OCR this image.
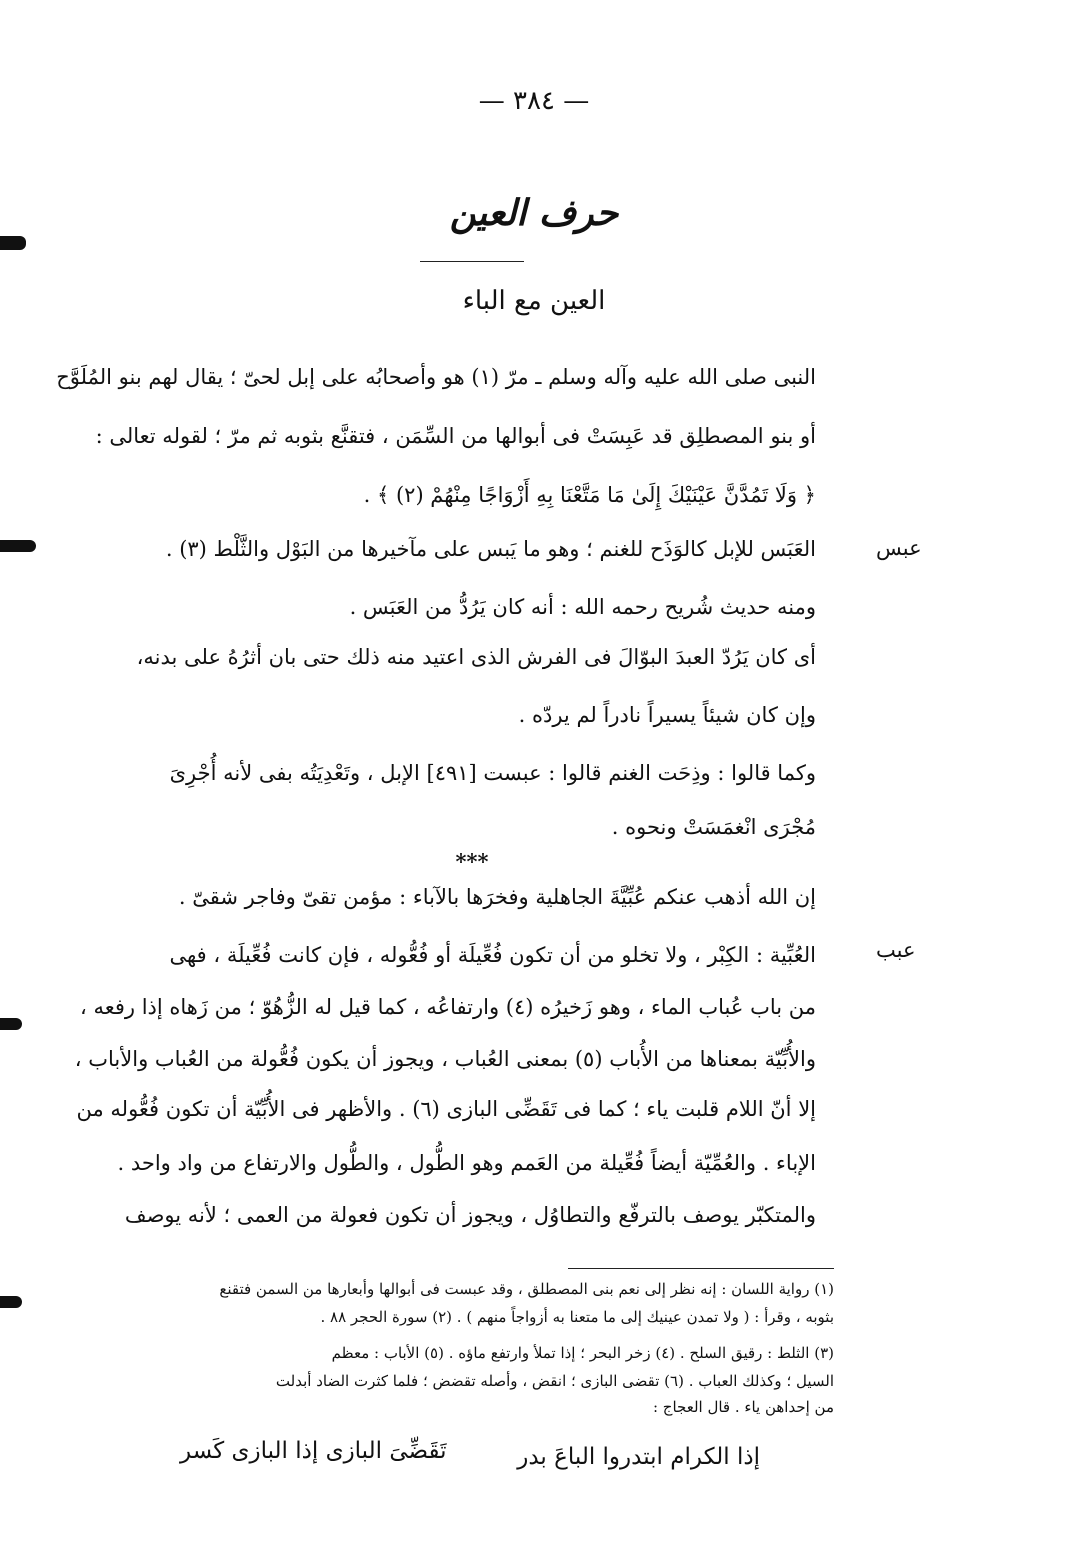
— ٣٨٤ —
حرف العين
العين مع الباء
النبى صلى الله عليه وآله وسلم ـ مرّ (١) هو وأصحابُه على إبل لحىّ ؛ يقال لهم بنو المُلَوَّح
أو بنو المصطلِق قد عَبِسَتْ فى أبوالها من السِّمَن ، فتقنَّع بثوبه ثم مرّ ؛ لقوله تعالى :
﴿ وَلَا تَمُدَّنَّ عَيْنَيْكَ إِلَىٰ مَا مَتَّعْنَا بِهِ أَزْوَاجًا مِنْهُمْ (٢) ﴾ .
العَبَس للإبل كالوَذَح للغنم ؛ وهو ما يَبس على مآخيرها من البَوْل والثَّلْط (٣) .
ومنه حديث شُريح رحمه الله : أنه كان يَرُدُّ من العَبَس .
أى كان يَرُدّ العبدَ البوّالَ فى الفرش الذى اعتيد منه ذلك حتى بان أثرُهُ على بدنه،
وإن كان شيئاً يسيراً نادراً لم يردّه .
وكما قالوا : وذِحَت الغنم قالوا : عبست [٤٩١] الإبل ، وتَعْدِيَتُه بفى لأنه أُجْرِىَ
مُجْرَى انْغمَسَتْ ونحوه .
***
إن الله أذهب عنكم عُبِّيَّةَ الجاهلية وفخرَها بالآباء : مؤمن تقىّ وفاجر شقىّ .
العُبِّية : الكِبْر ، ولا تخلو من أن تكون فُعِّيلَة أو فُعُّوله ، فإن كانت فُعِّيلَة ، فهى
من باب عُباب الماء ، وهو زَخيرُه (٤) وارتفاعُه ، كما قيل له الزُّهُوّ ؛ من زَهاه إذا رفعه ،
والأُبِّيّة بمعناها من الأُباب (٥) بمعنى العُباب ، ويجوز أن يكون فُعُّولة من العُباب والأباب ،
إلا أنّ اللام قلبت ياء ؛ كما فى تَقَضِّى البازى (٦) . والأظهر فى الأُبِّيّة أن تكون فُعُّوله من
الإباء . والعُمِّيّة أيضاً فُعِّيلة من العَمم وهو الطُّول ، والطُّول والارتفاع من واد واحد .
والمتكبّر يوصف بالترفّع والتطاوُل ، ويجوز أن تكون فعولة من العمى ؛ لأنه يوصف
عبس
عبب
(١) رواية اللسان : إنه نظر إلى نعم بنى المصطلق ، وقد عبست فى أبوالها وأبعارها من السمن فتقنع
بثوبه ، وقرأ : ( ولا تمدن عينيك إلى ما متعنا به أزواجاً منهم ) . (٢) سورة الحجر ٨٨ .
(٣) الثلط : رقيق السلح . (٤) زخر البحر ؛ إذا تملأ وارتفع ماؤه . (٥) الأباب : معظم
السيل ؛ وكذلك العباب . (٦) تقضى البازى ؛ انقض ، وأصله تقضض ؛ فلما كثرت الضاد أبدلت
من إحداهن ياء . قال العجاج :
إذا الكرام ابتدروا الباعَ بدر
تَقَضِّىَ البازى إذا البازى كَسر
